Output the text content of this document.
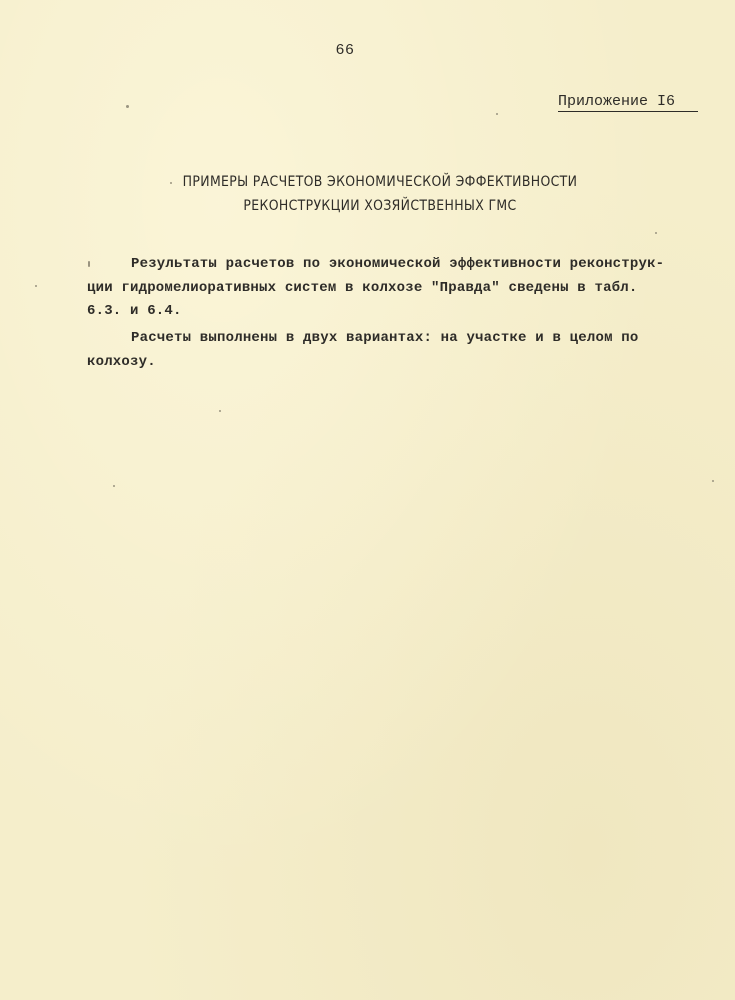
66
Приложение I6
ПРИМЕРЫ РАСЧЕТОВ ЭКОНОМИЧЕСКОЙ ЭФФЕКТИВНОСТИ
РЕКОНСТРУКЦИИ ХОЗЯЙСТВЕННЫХ ГМС
Результаты расчетов по экономической эффективности реконструк-
ции гидромелиоративных систем в колхозе "Правда" сведены в табл.
6.3. и 6.4.
Расчеты выполнены в двух вариантах: на участке и в целом по
колхозу.
